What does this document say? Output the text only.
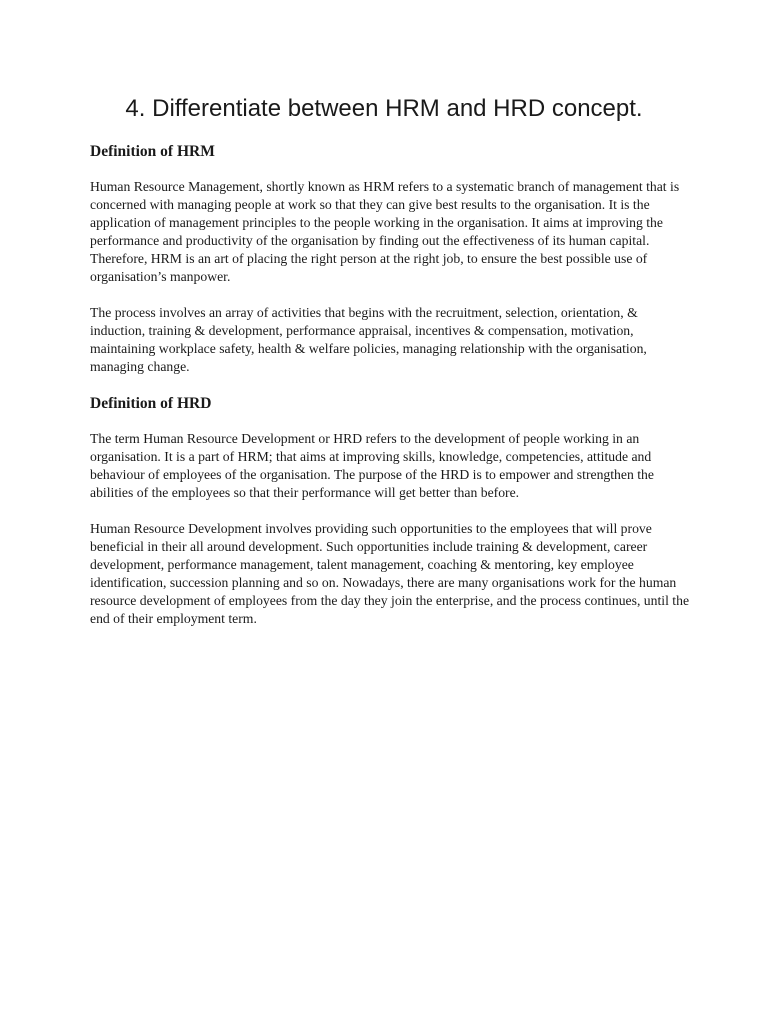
4. Differentiate between HRM and HRD concept.
Definition of HRM

Human Resource Management, shortly known as HRM refers to a systematic branch of management that is concerned with managing people at work so that they can give best results to the organisation. It is the application of management principles to the people working in the organisation. It aims at improving the performance and productivity of the organisation by finding out the effectiveness of its human capital. Therefore, HRM is an art of placing the right person at the right job, to ensure the best possible use of organisation’s manpower.

The process involves an array of activities that begins with the recruitment, selection, orientation, & induction, training & development, performance appraisal, incentives & compensation, motivation, maintaining workplace safety, health & welfare policies, managing relationship with the organisation, managing change.

Definition of HRD

The term Human Resource Development or HRD refers to the development of people working in an organisation. It is a part of HRM; that aims at improving skills, knowledge, competencies, attitude and behaviour of employees of the organisation. The purpose of the HRD is to empower and strengthen the abilities of the employees so that their performance will get better than before.

Human Resource Development involves providing such opportunities to the employees that will prove beneficial in their all around development. Such opportunities include training & development, career development, performance management, talent management, coaching & mentoring, key employee identification, succession planning and so on. Nowadays, there are many organisations work for the human resource development of employees from the day they join the enterprise, and the process continues, until the end of their employment term.
